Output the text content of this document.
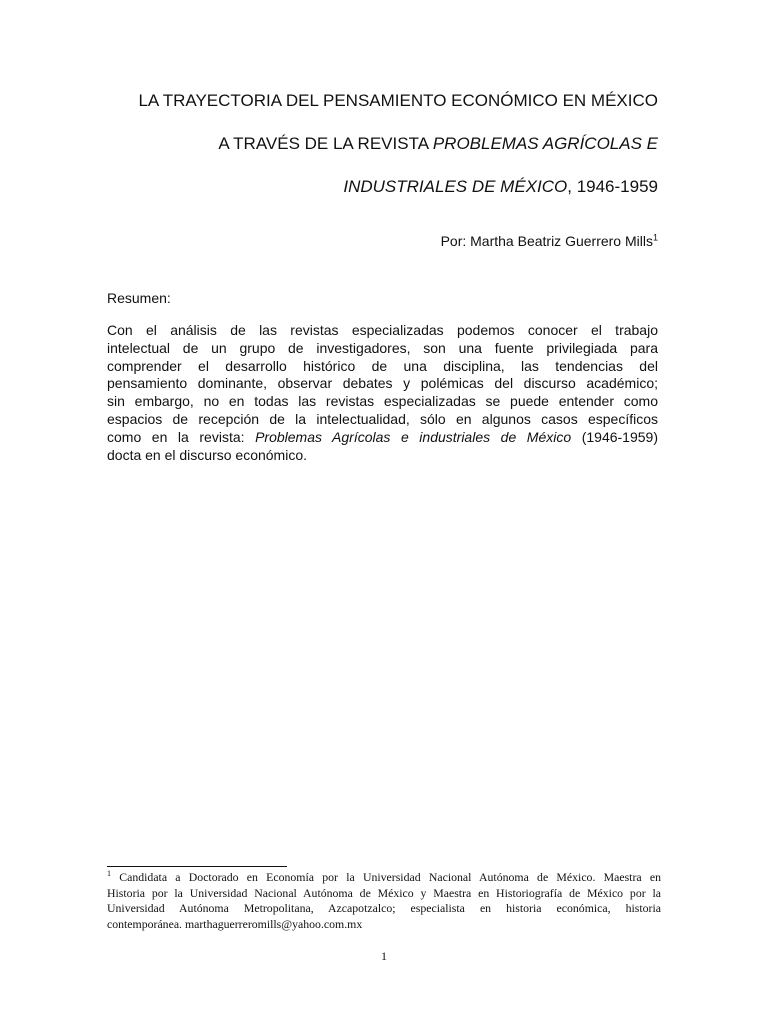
LA TRAYECTORIA DEL PENSAMIENTO ECONÓMICO EN MÉXICO
A TRAVÉS DE LA REVISTA PROBLEMAS AGRÍCOLAS E
INDUSTRIALES DE MÉXICO, 1946-1959
Por: Martha Beatriz Guerrero Mills$^1$
Resumen:
Con el análisis de las revistas especializadas podemos conocer el trabajo
intelectual de un grupo de investigadores, son una fuente privilegiada para
comprender el desarrollo histórico de una disciplina, las tendencias del
pensamiento dominante, observar debates y polémicas del discurso académico;
sin embargo, no en todas las revistas especializadas se puede entender como
espacios de recepción de la intelectualidad, sólo en algunos casos específicos
como en la revista: Problemas Agrícolas e industriales de México (1946-1959)
docta en el discurso económico.
$^1$ Candidata a Doctorado en Economía por la Universidad Nacional Autónoma de México. Maestra en
Historia por la Universidad Nacional Autónoma de México y Maestra en Historiografía de México por la
Universidad Autónoma Metropolitana, Azcapotzalco; especialista en historia económica, historia
contemporánea. marthaguerreromills@yahoo.com.mx
1
